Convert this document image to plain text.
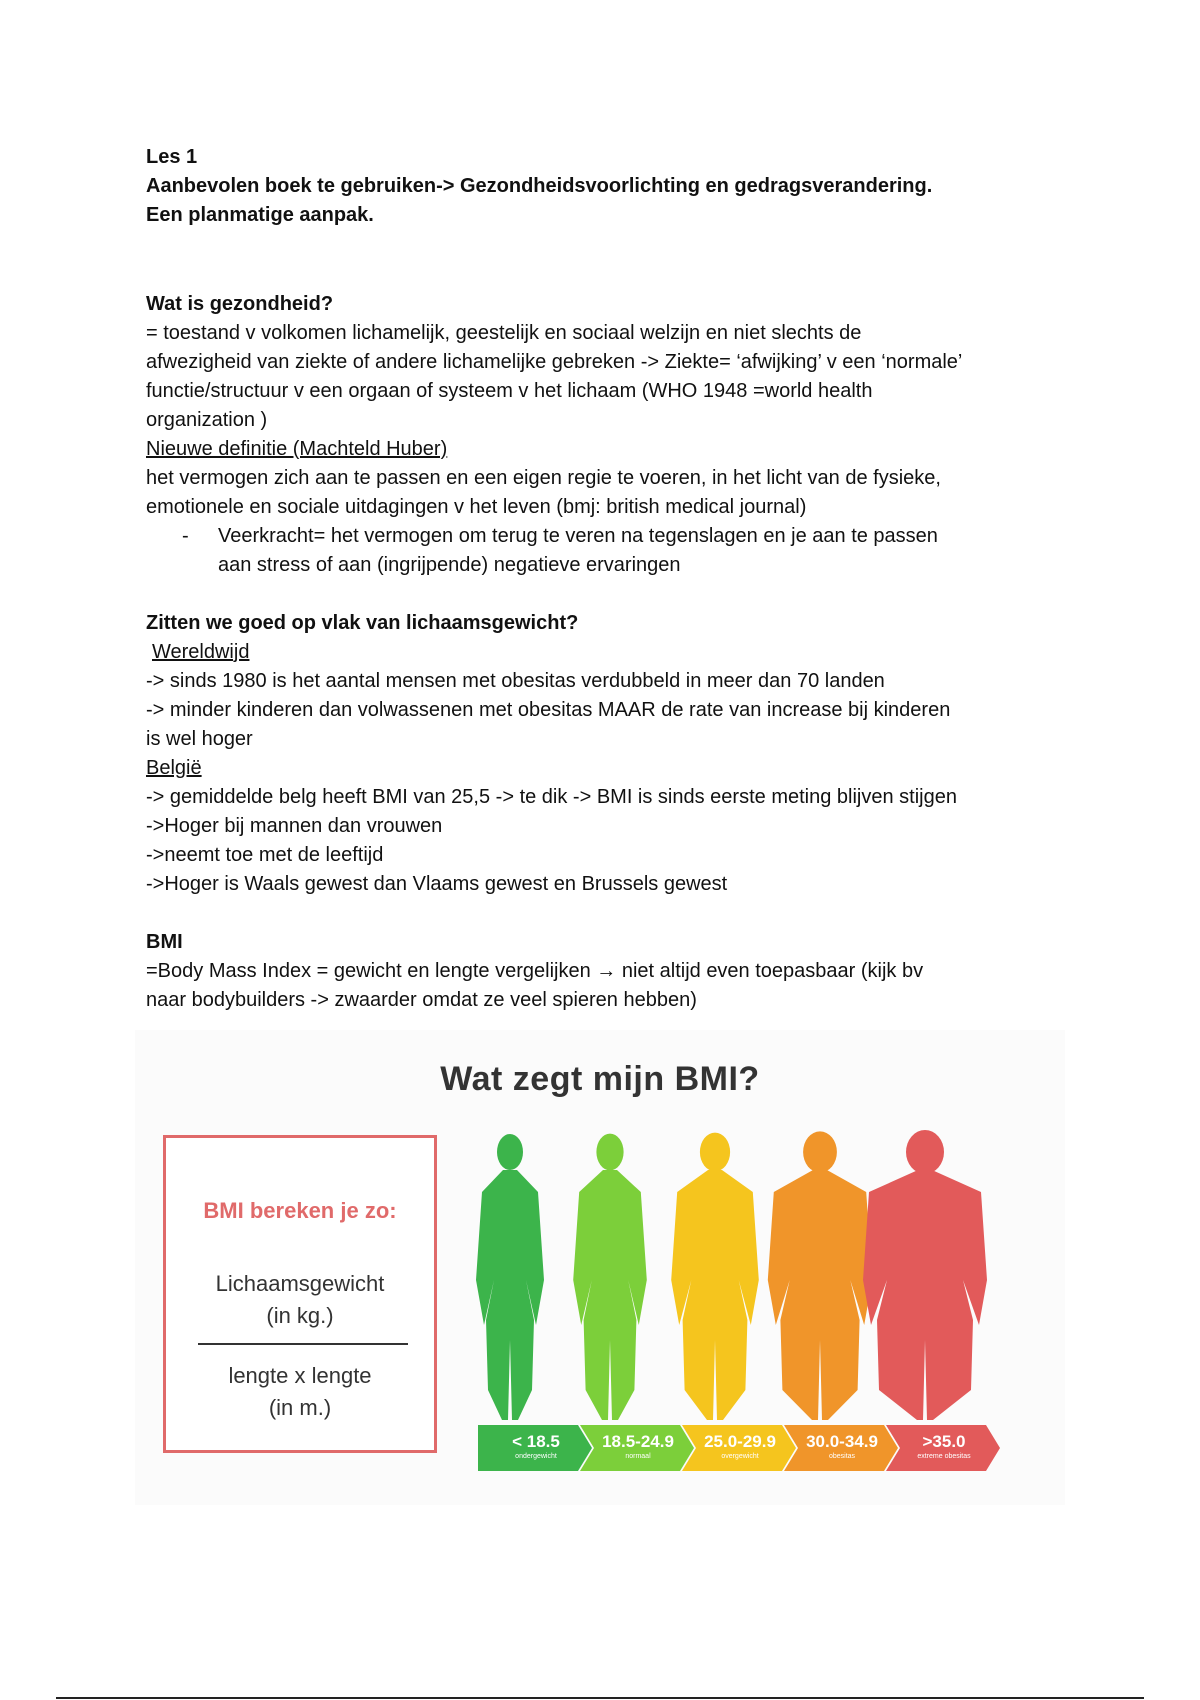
Les 1
Aanbevolen boek te gebruiken-> Gezondheidsvoorlichting en gedragsverandering.
Een planmatige aanpak.
Wat is gezondheid?
= toestand v volkomen lichamelijk, geestelijk en sociaal welzijn en niet slechts de
afwezigheid van ziekte of andere lichamelijke gebreken -> Ziekte= ‘afwijking’ v een ‘normale’
functie/structuur v een orgaan of systeem v het lichaam (WHO 1948 =world health
organization )
Nieuwe definitie (Machteld Huber)
het vermogen zich aan te passen en een eigen regie te voeren, in het licht van de fysieke,
emotionele en sociale uitdagingen v het leven (bmj: british medical journal)
- Veerkracht= het vermogen om terug te veren na tegenslagen en je aan te passen
aan stress of aan (ingrijpende) negatieve ervaringen
Zitten we goed op vlak van lichaamsgewicht?
Wereldwijd
-> sinds 1980 is het aantal mensen met obesitas verdubbeld in meer dan 70 landen
-> minder kinderen dan volwassenen met obesitas MAAR de rate van increase bij kinderen
is wel hoger
België
-> gemiddelde belg heeft BMI van 25,5 -> te dik -> BMI is sinds eerste meting blijven stijgen
->Hoger bij mannen dan vrouwen
->neemt toe met de leeftijd
->Hoger is Waals gewest dan Vlaams gewest en Brussels gewest
BMI
=Body Mass Index = gewicht en lengte vergelijken → niet altijd even toepasbaar (kijk bv
naar bodybuilders -> zwaarder omdat ze veel spieren hebben)
Wat zegt mijn BMI?
BMI bereken je zo:
Lichaamsgewicht
(in kg.)
lengte x lengte
(in m.)
< 18.5
ondergewicht
18.5-24.9
normaal
25.0-29.9
overgewicht
30.0-34.9
obesitas
>35.0
extreme obesitas
